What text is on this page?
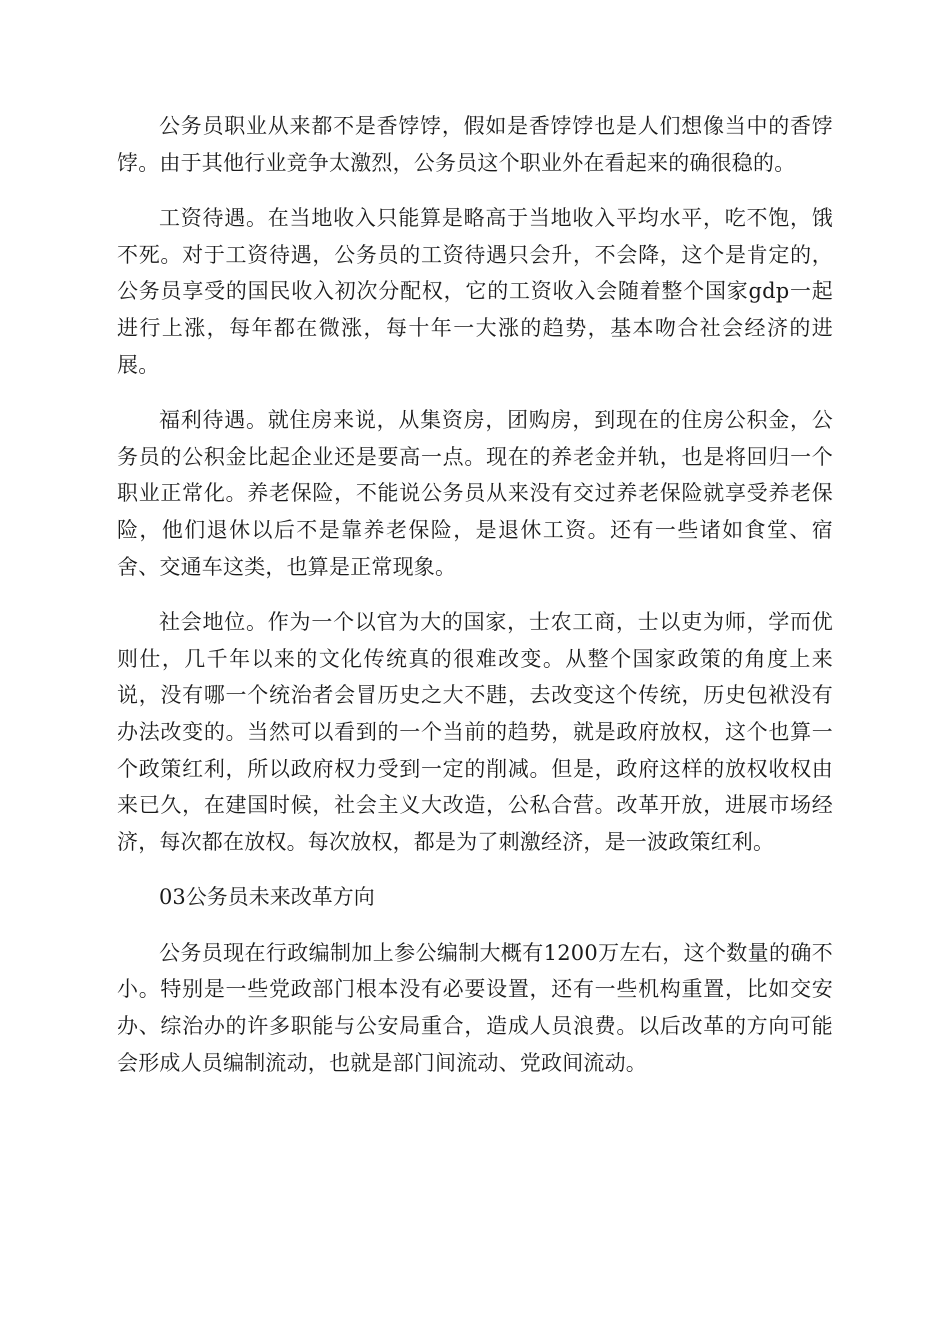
公务员职业从来都不是香饽饽，假如是香饽饽也是人们想像当中的香饽饽。由于其他行业竞争太激烈，公务员这个职业外在看起来的确很稳的。

工资待遇。在当地收入只能算是略高于当地收入平均水平，吃不饱，饿不死。对于工资待遇，公务员的工资待遇只会升，不会降，这个是肯定的，公务员享受的国民收入初次分配权，它的工资收入会随着整个国家gdp一起进行上涨，每年都在微涨，每十年一大涨的趋势，基本吻合社会经济的进展。

福利待遇。就住房来说，从集资房，团购房，到现在的住房公积金，公务员的公积金比起企业还是要高一点。现在的养老金并轨，也是将回归一个职业正常化。养老保险，不能说公务员从来没有交过养老保险就享受养老保险，他们退休以后不是靠养老保险，是退休工资。还有一些诸如食堂、宿舍、交通车这类，也算是正常现象。

社会地位。作为一个以官为大的国家，士农工商，士以吏为师，学而优则仕，几千年以来的文化传统真的很难改变。从整个国家政策的角度上来说，没有哪一个统治者会冒历史之大不韪，去改变这个传统，历史包袱没有办法改变的。当然可以看到的一个当前的趋势，就是政府放权，这个也算一个政策红利，所以政府权力受到一定的削减。但是，政府这样的放权收权由来已久，在建国时候，社会主义大改造，公私合营。改革开放，进展市场经济，每次都在放权。每次放权，都是为了刺激经济，是一波政策红利。

03公务员未来改革方向

公务员现在行政编制加上参公编制大概有1200万左右，这个数量的确不小。特别是一些党政部门根本没有必要设置，还有一些机构重置，比如交安办、综治办的许多职能与公安局重合，造成人员浪费。以后改革的方向可能会形成人员编制流动，也就是部门间流动、党政间流动。
